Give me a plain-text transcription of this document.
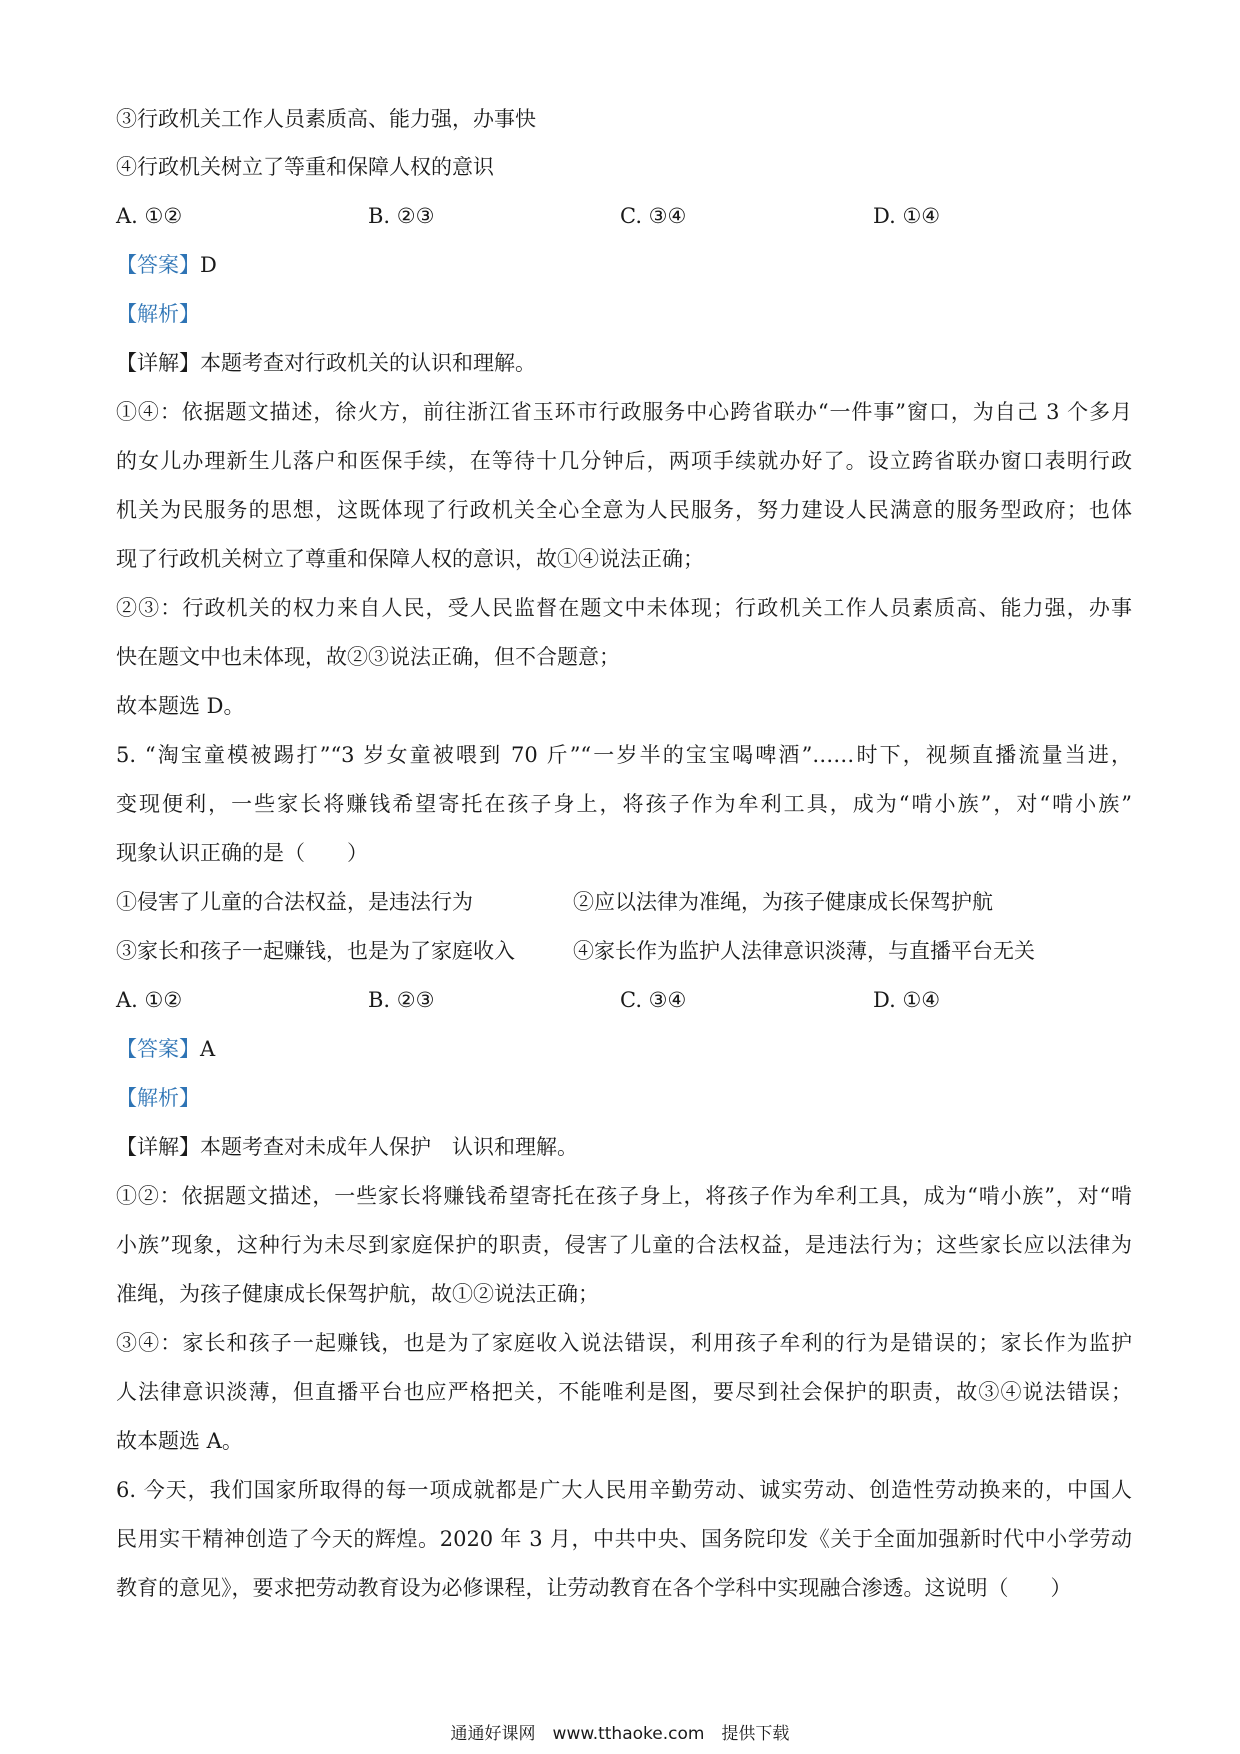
③行政机关工作人员素质高、能力强，办事快
④行政机关树立了等重和保障人权的意识
A. ①②	B. ②③	C. ③④	D. ①④
【答案】D
【解析】
【详解】本题考查对行政机关的认识和理解。
①④：依据题文描述，徐火方，前往浙江省玉环市行政服务中心跨省联办“一件事”窗口，为自己 3 个多月
的女儿办理新生儿落户和医保手续，在等待十几分钟后，两项手续就办好了。设立跨省联办窗口表明行政
机关为民服务的思想，这既体现了行政机关全心全意为人民服务，努力建设人民满意的服务型政府；也体
现了行政机关树立了尊重和保障人权的意识，故①④说法正确；
②③：行政机关的权力来自人民，受人民监督在题文中未体现；行政机关工作人员素质高、能力强，办事
快在题文中也未体现，故②③说法正确，但不合题意；
故本题选 D。
5. “淘宝童模被踢打”“3 岁女童被喂到 70 斤”“一岁半的宝宝喝啤酒”……时下，视频直播流量当进，
变现便利，一些家长将赚钱希望寄托在孩子身上，将孩子作为牟利工具，成为“啃小族”，对“啃小族”
现象认识正确的是（　　）
①侵害了儿童的合法权益，是违法行为	②应以法律为准绳，为孩子健康成长保驾护航
③家长和孩子一起赚钱，也是为了家庭收入	④家长作为监护人法律意识淡薄，与直播平台无关
A. ①②	B. ②③	C. ③④	D. ①④
【答案】A
【解析】
【详解】本题考查对未成年人保护　认识和理解。
①②：依据题文描述，一些家长将赚钱希望寄托在孩子身上，将孩子作为牟利工具，成为“啃小族”，对“啃
小族”现象，这种行为未尽到家庭保护的职责，侵害了儿童的合法权益，是违法行为；这些家长应以法律为
准绳，为孩子健康成长保驾护航，故①②说法正确；
③④：家长和孩子一起赚钱，也是为了家庭收入说法错误，利用孩子牟利的行为是错误的；家长作为监护
人法律意识淡薄，但直播平台也应严格把关，不能唯利是图，要尽到社会保护的职责，故③④说法错误；
故本题选 A。
6. 今天，我们国家所取得的每一项成就都是广大人民用辛勤劳动、诚实劳动、创造性劳动换来的，中国人
民用实干精神创造了今天的辉煌。2020 年 3 月，中共中央、国务院印发《关于全面加强新时代中小学劳动
教育的意见》，要求把劳动教育设为必修课程，让劳动教育在各个学科中实现融合渗透。这说明（　　）
通通好课网　www.tthaoke.com　提供下载
